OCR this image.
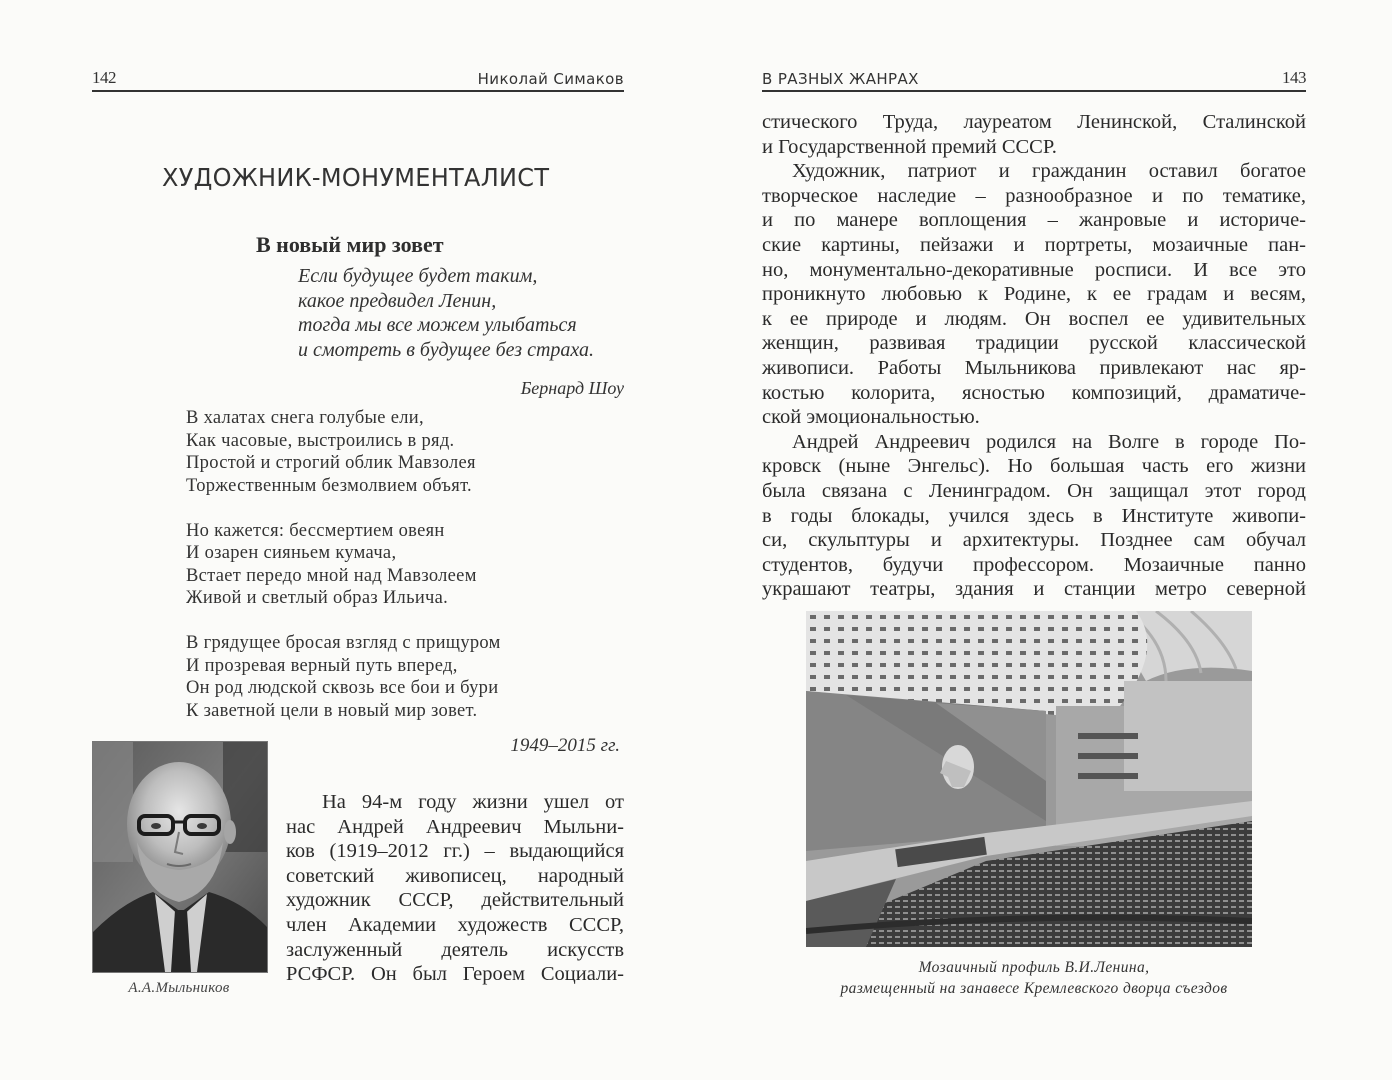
142	Николай Симаков
ХУДОЖНИК-МОНУМЕНТАЛИСТ
В новый мир зовет
Если будущее будет таким,
какое предвидел Ленин,
тогда мы все можем улыбаться
и смотреть в будущее без страха.
Бернард Шоу
В халатах снега голубые ели,
Как часовые, выстроились в ряд.
Простой и строгий облик Мавзолея
Торжественным безмолвием объят.
Но кажется: бессмертием овеян
И озарен сияньем кумача,
Встает передо мной над Мавзолеем
Живой и светлый образ Ильича.
В грядущее бросая взгляд с прищуром
И прозревая верный путь вперед,
Он род людской сквозь все бои и бури
К заветной цели в новый мир зовет.
1949–2015 гг.
А.А.Мыльников
На 94-м году жизни ушел от
нас Андрей Андреевич Мыльни-
ков (1919–2012 гг.) – выдающийся
советский живописец, народный
художник СССР, действительный
член Академии художеств СССР,
заслуженный деятель искусств
РСФСР. Он был Героем Социали-
В РАЗНЫХ ЖАНРАХ	143
стического Труда, лауреатом Ленинской, Сталинской
и Государственной премий СССР.
Художник, патриот и гражданин оставил богатое
творческое наследие – разнообразное и по тематике,
и по манере воплощения – жанровые и историче-
ские картины, пейзажи и портреты, мозаичные пан-
но, монументально-декоративные росписи. И все это
проникнуто любовью к Родине, к ее градам и весям,
к ее природе и людям. Он воспел ее удивительных
женщин, развивая традиции русской классической
живописи. Работы Мыльникова привлекают нас яр-
костью колорита, ясностью композиций, драматиче-
ской эмоциональностью.
Андрей Андреевич родился на Волге в городе По-
кровск (ныне Энгельс). Но большая часть его жизни
была связана с Ленинградом. Он защищал этот город
в годы блокады, учился здесь в Институте живопи-
си, скульптуры и архитектуры. Позднее сам обучал
студентов, будучи профессором. Мозаичные панно
украшают театры, здания и станции метро северной
Мозаичный профиль В.И.Ленина,
размещенный на занавесе Кремлевского дворца съездов
